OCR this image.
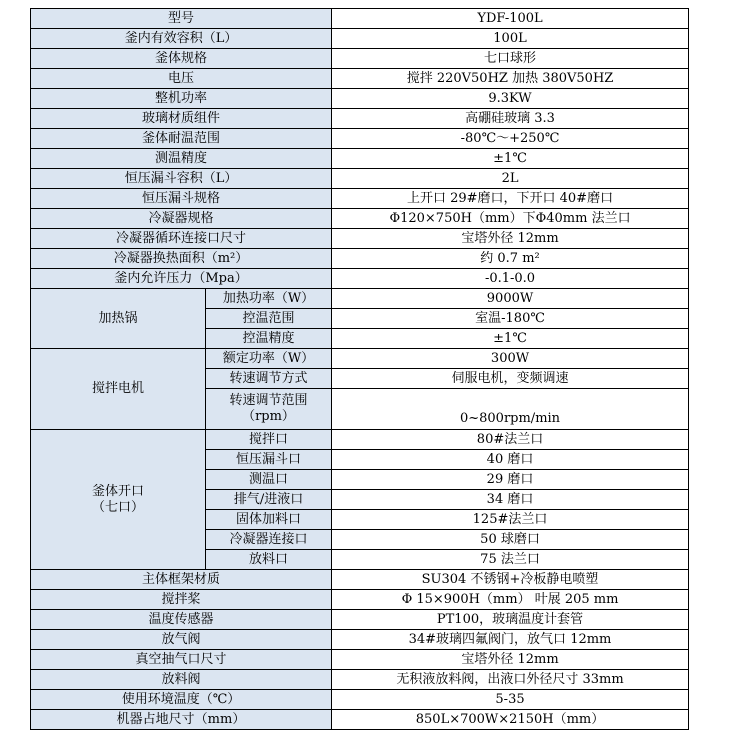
型号		YDF-100L
釜内有效容积（L）		100L
釜体规格		七口球形
电压		搅拌 220V50HZ 加热 380V50HZ
整机功率		9.3KW
玻璃材质组件		高硼硅玻璃 3.3
釜体耐温范围		-80℃～+250℃
测温精度		±1℃
恒压漏斗容积（L）		2L
恒压漏斗规格		上开口 29#磨口，下开口 40#磨口
冷凝器规格		Φ120×750H（mm）下Φ40mm 法兰口
冷凝器循环连接口尺寸		宝塔外径 12mm
冷凝器换热面积（m²）		约 0.7 m²
釜内允许压力（Mpa）		-0.1-0.0
加热锅	加热功率（W）	9000W
	控温范围	室温-180℃
	控温精度	±1℃
搅拌电机	额定功率（W）	300W
	转速调节方式	伺服电机，变频调速
	转速调节范围（rpm）	0~800rpm/min

釜体开口
（七口）	搅拌口	80#法兰口
	恒压漏斗口	40 磨口
	测温口	29 磨口
	排气/进液口	34 磨口
	固体加料口	125#法兰口
	冷凝器连接口	50 球磨口
	放料口	75 法兰口
主体框架材质		SU304 不锈钢+冷板静电喷塑
搅拌桨		Φ 15×900H（mm） 叶展 205 mm
温度传感器		PT100，玻璃温度计套管
放气阀		34#玻璃四氟阀门，放气口 12mm
真空抽气口尺寸		宝塔外径 12mm
放料阀		无积液放料阀，出液口外径尺寸 33mm
使用环境温度（℃）		5-35
机器占地尺寸（mm）		850L×700W×2150H（mm）
